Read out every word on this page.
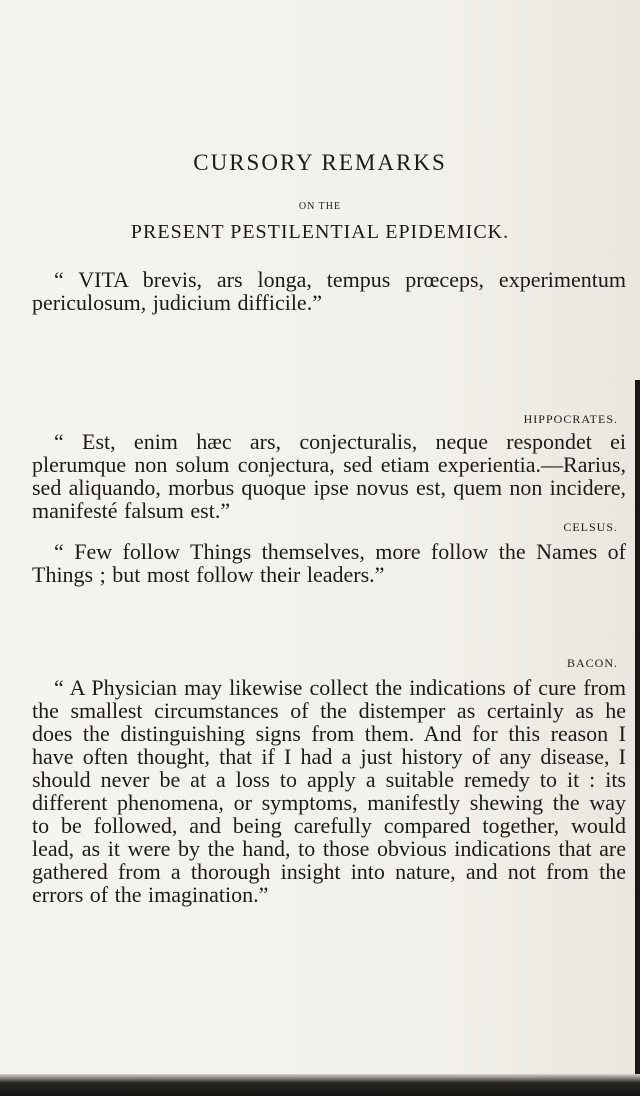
CURSORY REMARKS
ON THE
PRESENT PESTILENTIAL EPIDEMICK.
“ VITA brevis, ars longa, tempus prœceps, experimentum periculosum, judicium difficile.”
HIPPOCRATES.
“ Est, enim hæc ars, conjecturalis, neque respondet ei plerumque non solum conjectura, sed etiam experientia.—Rarius, sed aliquando, morbus quoque ipse novus est, quem non incidere, manifesté falsum est.”
CELSUS.
“ Few follow Things themselves, more follow the Names of Things ; but most follow their leaders.”
BACON.
“ A Physician may likewise collect the indications of cure from the smallest circumstances of the distemper as certainly as he does the distinguishing signs from them. And for this reason I have often thought, that if I had a just history of any disease, I should never be at a loss to apply a suitable remedy to it : its different phenomena, or symptoms, manifestly shewing the way to be followed, and being carefully compared together, would lead, as it were by the hand, to those obvious indications that are gathered from a thorough insight into nature, and not from the errors of the imagination.”
